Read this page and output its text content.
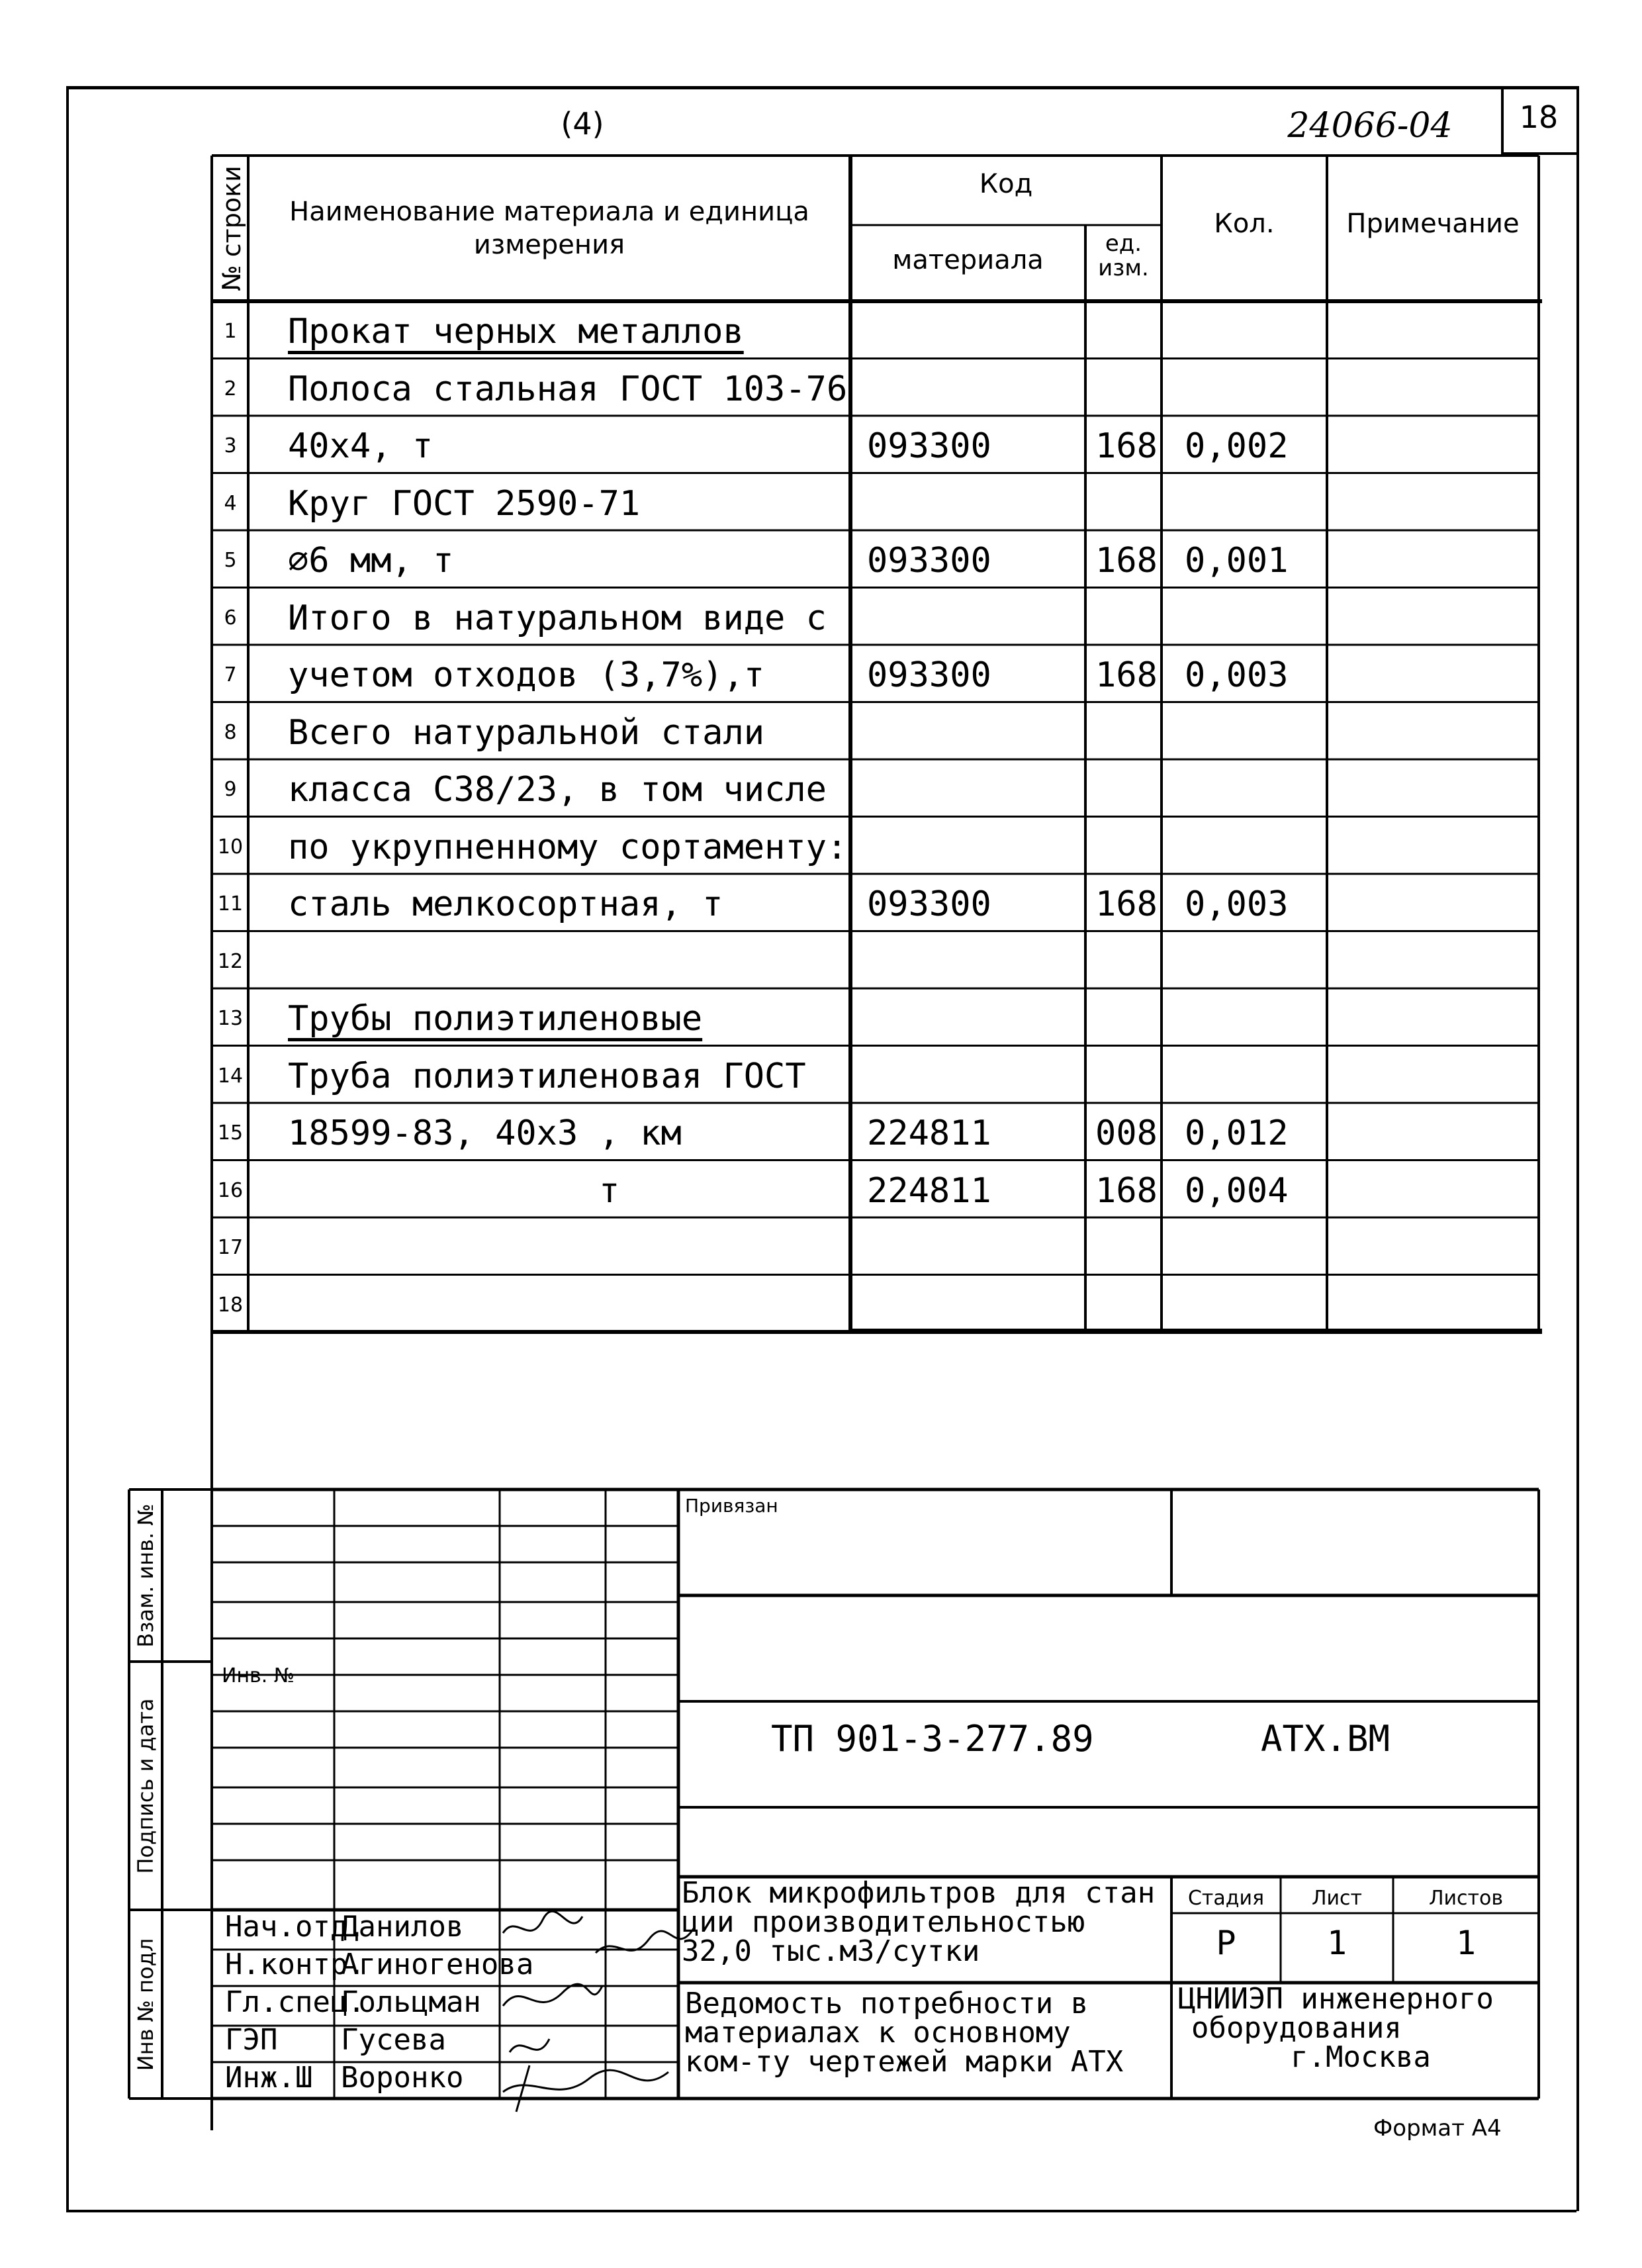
(4)	24066-04	18
№ строки	Наименование материала и единица измерения
Код
материала
ед. изм.
Кол.	Примечание
1	Прокат черных металлов
2	Полоса стальная ГОСТ 103-76
3	40х4, т	093300	168 0,002
4	Круг ГОСТ 2590-71
5	⌀6 мм, т	093300	168 0,001
6	Итого в натуральном виде с
7	учетом отходов (3,7%),т	093300	168 0,003
8	Всего натуральной стали
9	класса С38/23, в том числе
10 по укрупненному сортаменту:
11 сталь мелкосортная, т	093300	168 0,003
12
13 Трубы полиэтиленовые
14 Труба полиэтиленовая ГОСТ
15 18599-83, 40х3 , км	224811	008 0,012
16	т	224811	168 0,004
17
18
Взам. инв. №
Подпись и дата
Инв № подл
Инв. №
Привязан
ТП 901-3-277.89	АТХ.ВМ
Блок микрофильтров для стан
ции производительностью
32,0 тыс.м3/сутки
Стадия	Лист	Листов
Р	1	1
Ведомость потребности в
материалах к основному
ком-ту чертежей марки АТХ
ЦНИИЭП инженерного
оборудования
г.Москва
Нач.отд.
Данилов
Н.контр.
Агиногенова
Гл.спец.
Гольцман
ГЭП Гусева
Инж.Ш Воронко
Формат А4
